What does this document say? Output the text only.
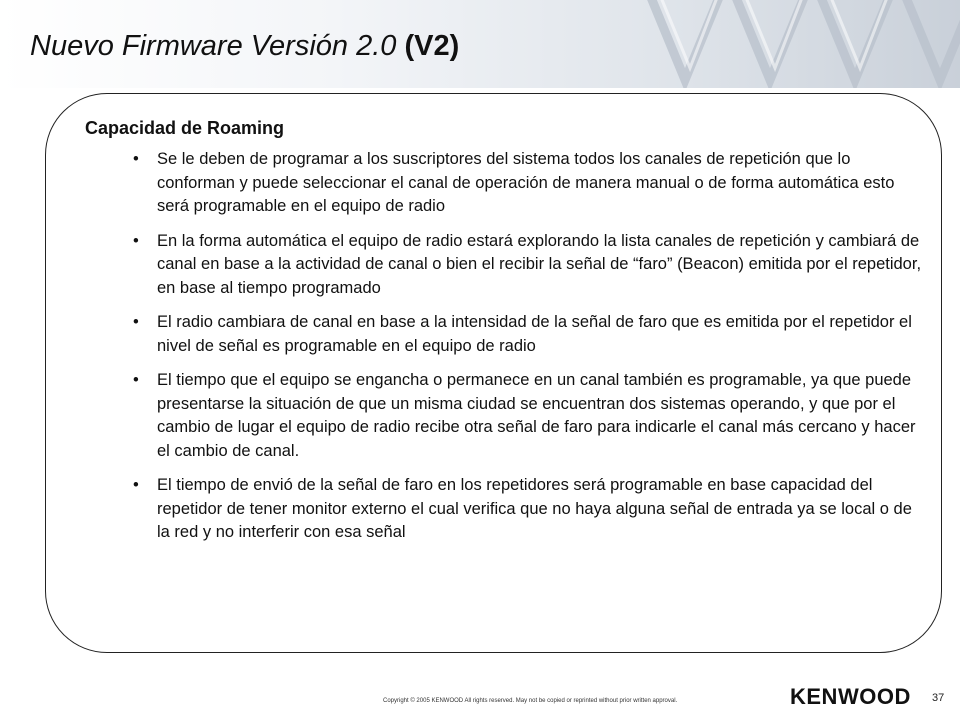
Nuevo Firmware Versión 2.0 (V2)
Capacidad de Roaming
• Se le deben de programar a los suscriptores del sistema todos los canales de repetición que lo conforman y puede seleccionar el canal de operación de manera manual o de forma automática esto será programable en el equipo de radio
• En la forma automática el equipo de radio estará explorando la lista canales de repetición y cambiará de canal en base a la actividad de canal o bien el recibir la señal de “faro” (Beacon) emitida por el repetidor, en base al tiempo programado
• El radio cambiara de canal en base a la intensidad de la señal de faro que es emitida por el repetidor el nivel de señal es programable en el equipo de radio
• El tiempo que el equipo se engancha o permanece en un canal también es programable, ya que puede presentarse la situación de que un misma ciudad se encuentran dos sistemas operando, y que por el cambio de lugar el equipo de radio recibe otra señal de faro para indicarle el canal más cercano y hacer el cambio de canal.
• El tiempo de envió de la señal de faro en los repetidores será programable en base capacidad del repetidor de tener monitor externo el cual verifica que no haya alguna señal de entrada ya se local o de la red y no interferir con esa señal
Copyright © 2005 KENWOOD All rights reserved. May not be copied or reprinted without prior written approval.	KENWOOD 37
